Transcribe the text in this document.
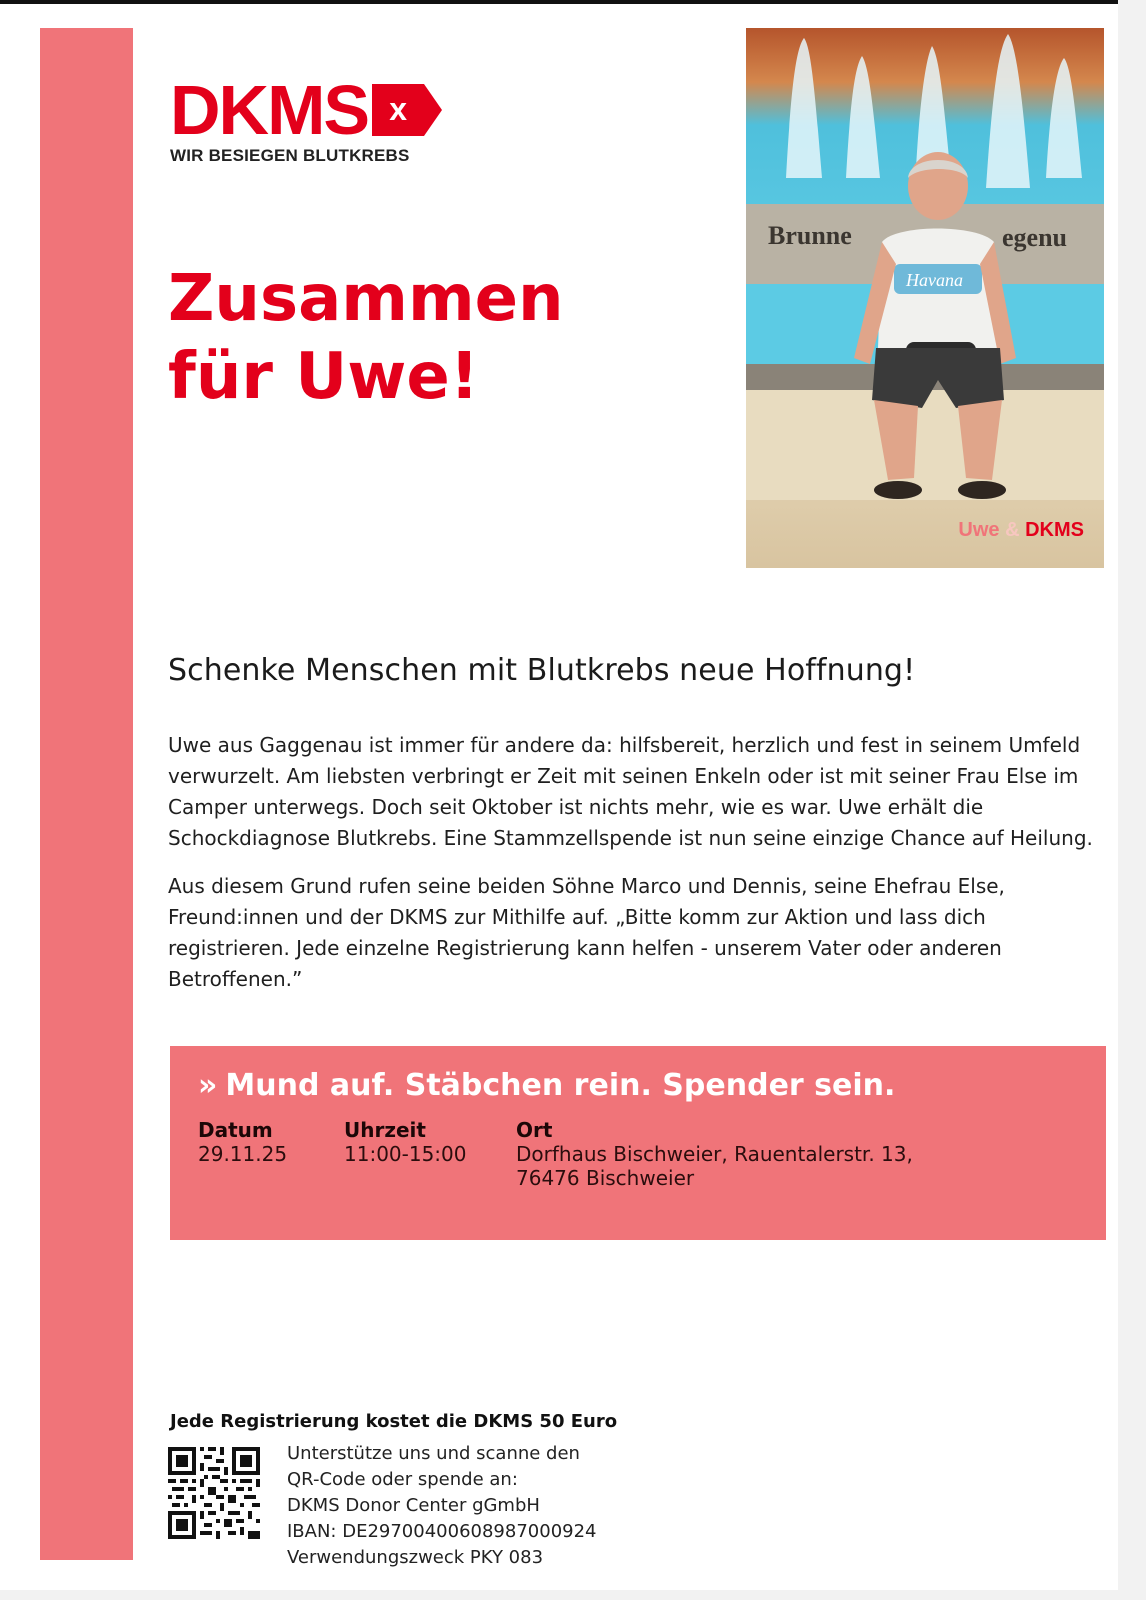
DKMS x
WIR BESIEGEN BLUTKREBS
Zusammen
für Uwe!
Brunne	egenu
Havana
Uwe & DKMS
Schenke Menschen mit Blutkrebs neue Hoffnung!

Uwe aus Gaggenau ist immer für andere da: hilfsbereit, herzlich und fest in seinem Umfeld verwurzelt. Am liebsten verbringt er Zeit mit seinen Enkeln oder ist mit seiner Frau Else im Camper unterwegs. Doch seit Oktober ist nichts mehr, wie es war. Uwe erhält die Schockdiagnose Blutkrebs. Eine Stammzellspende ist nun seine einzige Chance auf Heilung.

Aus diesem Grund rufen seine beiden Söhne Marco und Dennis, seine Ehefrau Else, Freund:innen und der DKMS zur Mithilfe auf. „Bitte komm zur Aktion und lass dich registrieren. Jede einzelne Registrierung kann helfen - unserem Vater oder anderen Betroffenen.”

» Mund auf. Stäbchen rein. Spender sein.
Datum
29.11.25
Uhrzeit
11:00-15:00
Ort
Dorfhaus Bischweier, Rauentalerstr. 13,
76476 Bischweier
Jede Registrierung kostet die DKMS 50 Euro
Unterstütze uns und scanne den
QR-Code oder spende an:
DKMS Donor Center gGmbH
IBAN: DE29700400608987000924
Verwendungszweck PKY 083
